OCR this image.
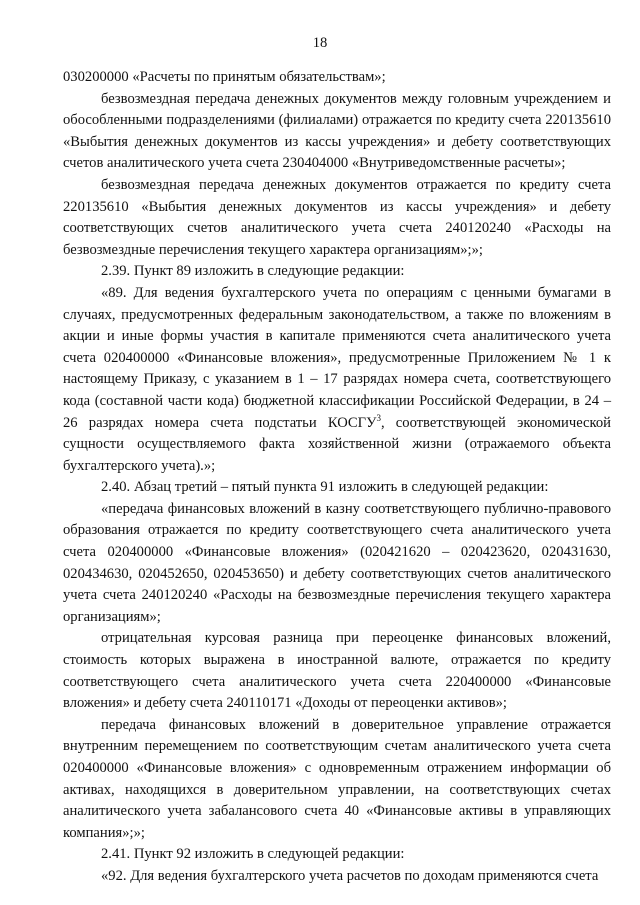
18

030200000 «Расчеты по принятым обязательствам»;

безвозмездная передача денежных документов между головным учреждением и обособленными подразделениями (филиалами) отражается по кредиту счета 220135610 «Выбытия денежных документов из кассы учреждения» и дебету соответствующих счетов аналитического учета счета 230404000 «Внутриведомственные расчеты»;

безвозмездная передача денежных документов отражается по кредиту счета 220135610 «Выбытия денежных документов из кассы учреждения» и дебету соответствующих счетов аналитического учета счета 240120240 «Расходы на безвозмездные перечисления текущего характера организациям»;»;

2.39. Пункт 89 изложить в следующие редакции:

«89. Для ведения бухгалтерского учета по операциям с ценными бумагами в случаях, предусмотренных федеральным законодательством, а также по вложениям в акции и иные формы участия в капитале применяются счета аналитического учета счета 020400000 «Финансовые вложения», предусмотренные Приложением № 1 к настоящему Приказу, с указанием в 1 – 17 разрядах номера счета, соответствующего кода (составной части кода) бюджетной классификации Российской Федерации, в 24 – 26 разрядах номера счета подстатьи КОСГУ$^3$, соответствующей экономической сущности осуществляемого факта хозяйственной жизни (отражаемого объекта бухгалтерского учета).»;

2.40. Абзац третий – пятый пункта 91 изложить в следующей редакции:

«передача финансовых вложений в казну соответствующего публично-правового образования отражается по кредиту соответствующего счета аналитического учета счета 020400000 «Финансовые вложения» (020421620 – 020423620, 020431630, 020434630, 020452650, 020453650) и дебету соответствующих счетов аналитического учета счета 240120240 «Расходы на безвозмездные перечисления текущего характера организациям»;

отрицательная курсовая разница при переоценке финансовых вложений, стоимость которых выражена в иностранной валюте, отражается по кредиту соответствующего счета аналитического учета счета 220400000 «Финансовые вложения» и дебету счета 240110171 «Доходы от переоценки активов»;

передача финансовых вложений в доверительное управление отражается внутренним перемещением по соответствующим счетам аналитического учета счета 020400000 «Финансовые вложения» с одновременным отражением информации об активах, находящихся в доверительном управлении, на соответствующих счетах аналитического учета забалансового счета 40 «Финансовые активы в управляющих компания»;»;

2.41. Пункт 92 изложить в следующей редакции:

«92. Для ведения бухгалтерского учета расчетов по доходам применяются счета
